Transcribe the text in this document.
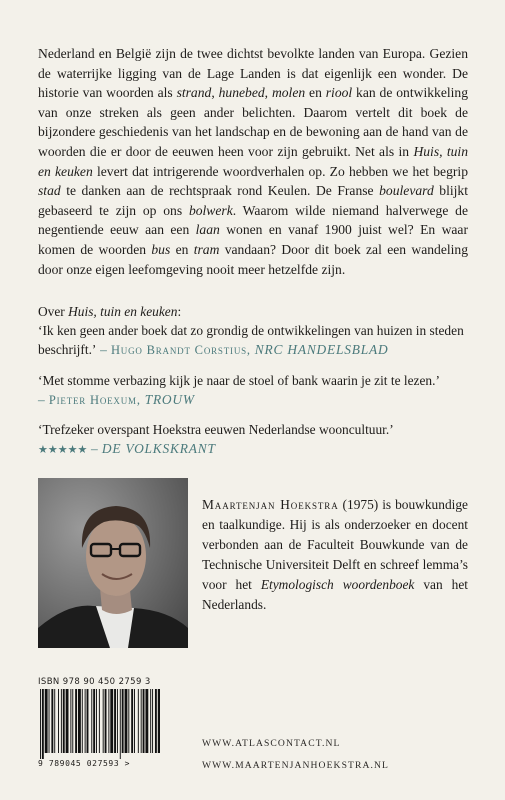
Nederland en België zijn de twee dichtst bevolkte landen van Europa. Gezien de waterrijke ligging van de Lage Landen is dat eigenlijk een wonder. De historie van woorden als strand, hunebed, molen en riool kan de ontwikkeling van onze streken als geen ander belichten. Daarom vertelt dit boek de bijzondere geschiedenis van het landschap en de bewoning aan de hand van de woorden die er door de eeuwen heen voor zijn gebruikt. Net als in Huis, tuin en keuken levert dat intrigerende woordverhalen op. Zo hebben we het begrip stad te danken aan de rechtspraak rond Keulen. De Franse boulevard blijkt gebaseerd te zijn op ons bolwerk. Waarom wilde niemand halverwege de negentiende eeuw aan een laan wonen en vanaf 1900 juist wel? En waar komen de woorden bus en tram vandaan? Door dit boek zal een wandeling door onze eigen leefomgeving nooit meer hetzelfde zijn.

Over Huis, tuin en keuken:
‘Ik ken geen ander boek dat zo grondig de ontwikkelingen van huizen in steden beschrijft.’ – Hugo Brandt Corstius, NRC HANDELSBLAD

‘Met stomme verbazing kijk je naar de stoel of bank waarin je zit te lezen.’
– Pieter Hoexum, TROUW

‘Trefzeker overspant Hoekstra eeuwen Nederlandse wooncultuur.’
★★★★★ – DE VOLKSKRANT

Maartenjan Hoekstra (1975) is bouwkundige en taalkundige. Hij is als onderzoeker en docent verbonden aan de Faculteit Bouwkunde van de Technische Universiteit Delft en schreef lemma’s voor het Etymologisch woordenboek van het Nederlands.

ISBN 978 90 450 2759 3
9 789045 027593 >
WWW.ATLASCONTACT.NL
WWW.MAARTENJANHOEKSTRA.NL
